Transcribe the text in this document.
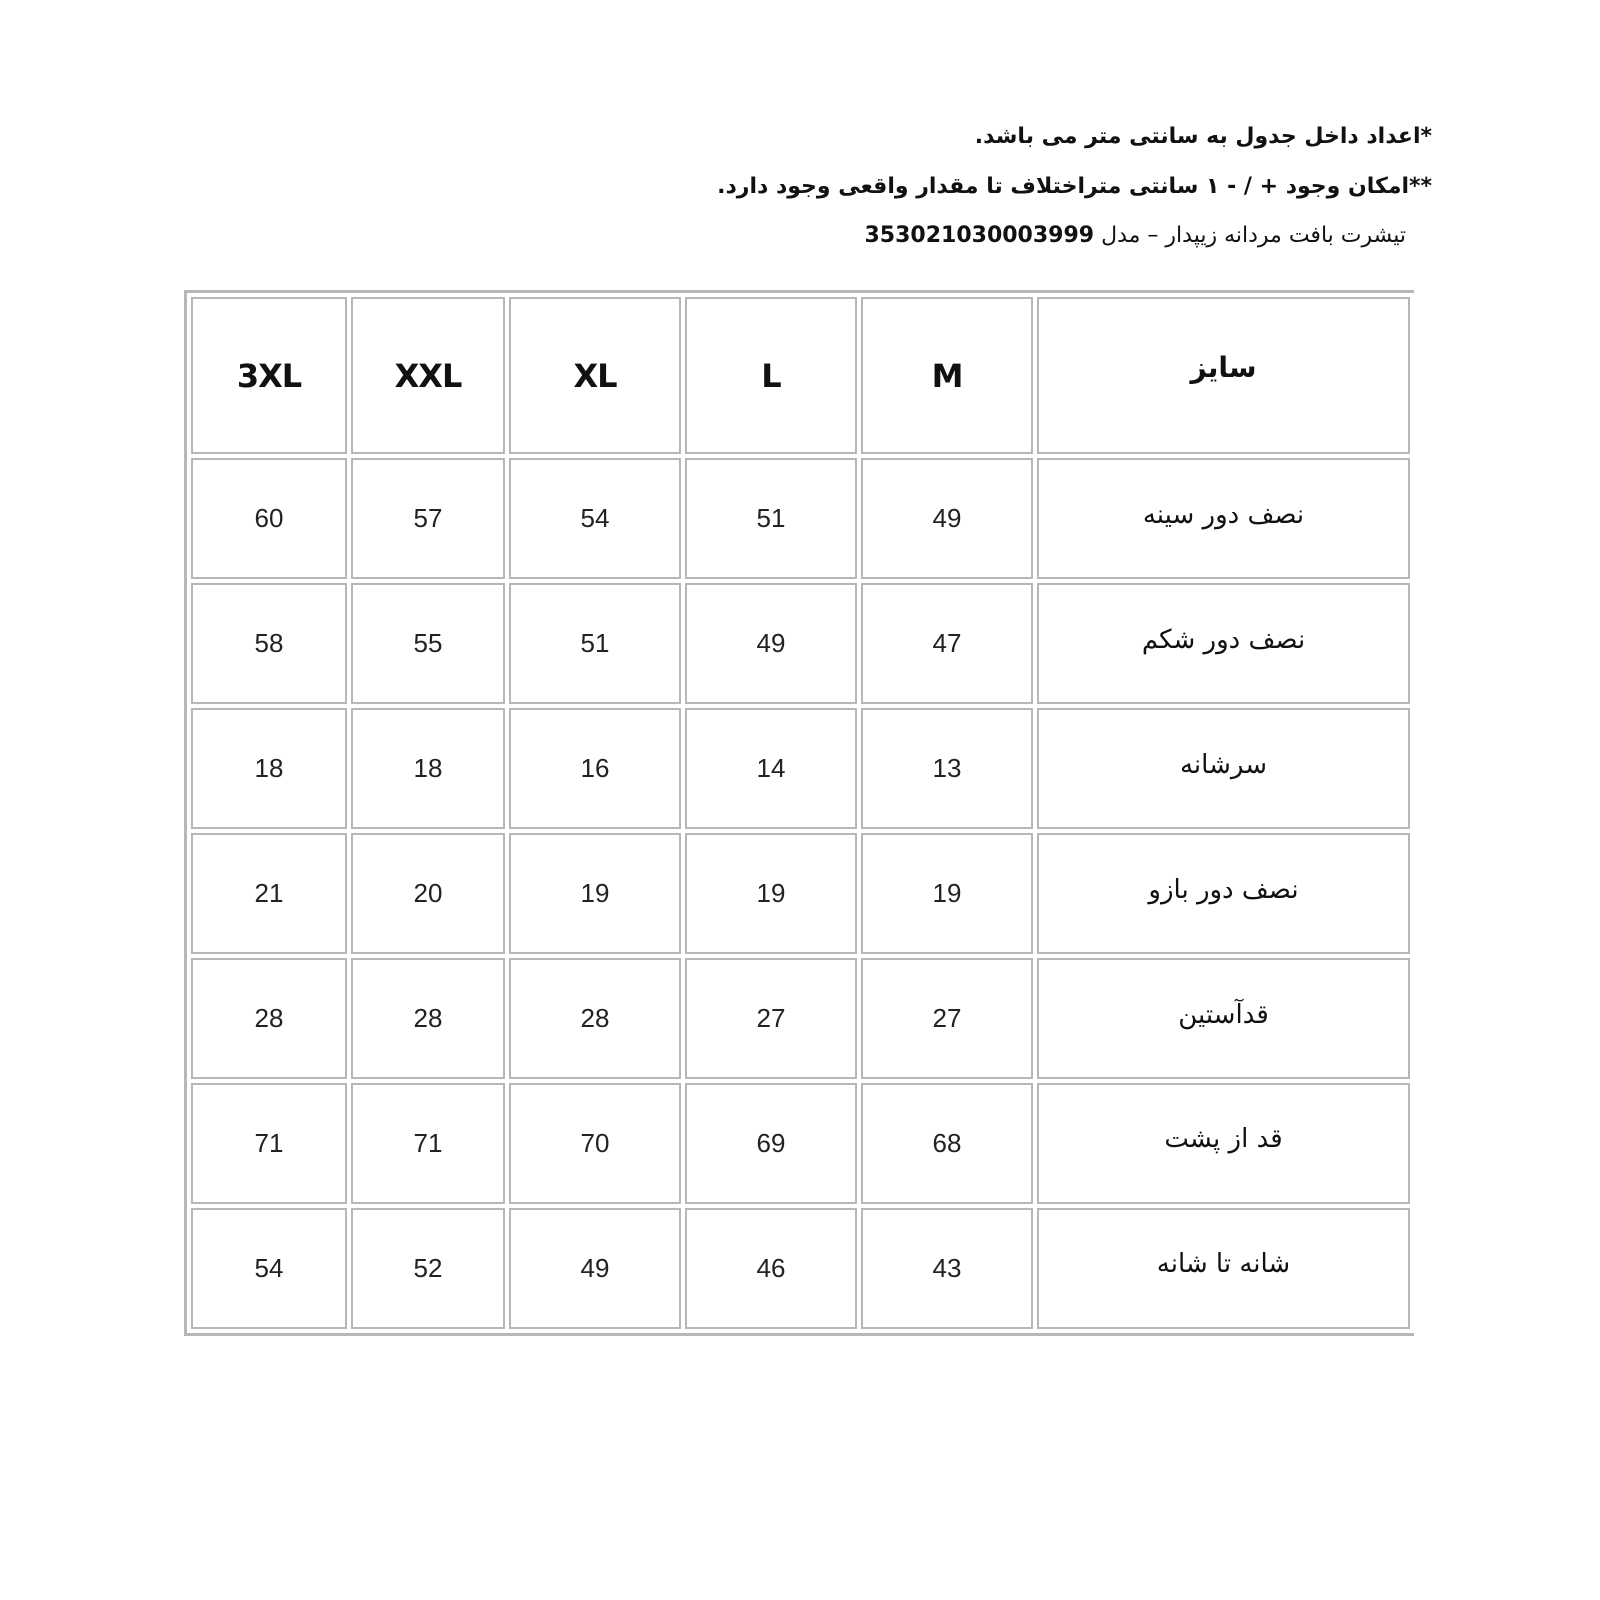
*اعداد داخل جدول به سانتی متر می باشد.
**امکان وجود + / - ۱ سانتی متراختلاف تا مقدار واقعی وجود دارد.
تیشرت بافت مردانه زیپدار – مدل 353021030003999
3XL	XXL	XL	L	M	سایز
60	57	54	51	49	نصف دور سینه
58	55	51	49	47	نصف دور شکم
18	18	16	14	13	سرشانه
21	20	19	19	19	نصف دور بازو
28	28	28	27	27	قدآستین
71	71	70	69	68	قد از پشت
54	52	49	46	43	شانه تا شانه
